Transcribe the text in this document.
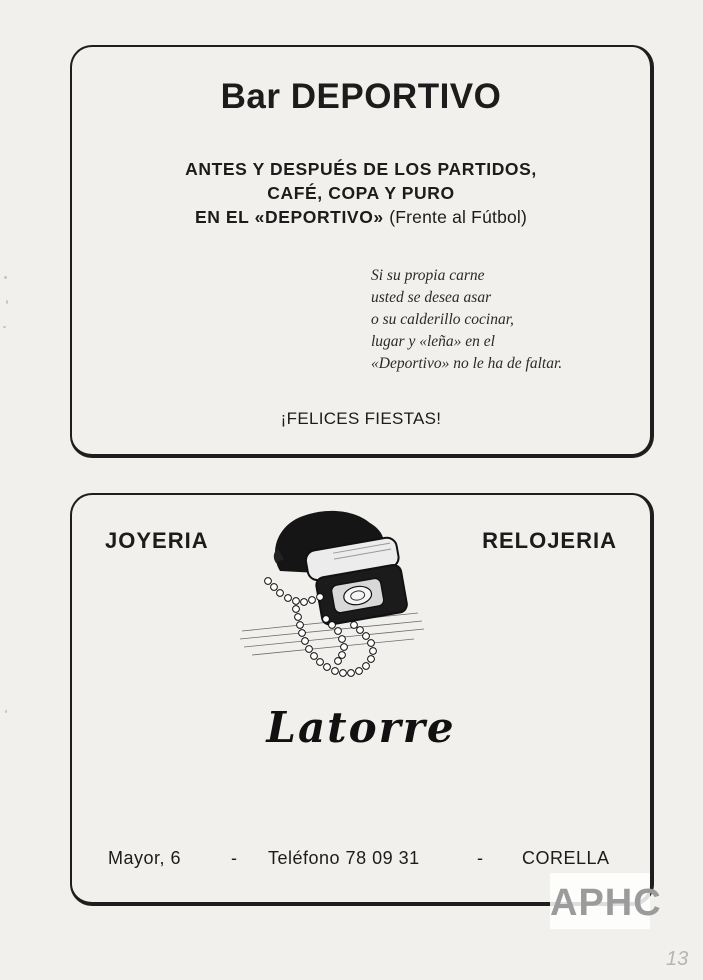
Bar DEPORTIVO
ANTES Y DESPUÉS DE LOS PARTIDOS,
CAFÉ, COPA Y PURO
EN EL «DEPORTIVO» (Frente al Fútbol)
Si su propia carne
usted se desea asar
o su calderillo cocinar,
lugar y «leña» en el
«Deportivo» no le ha de faltar.
¡FELICES FIESTAS!
JOYERIA	RELOJERIA
Latorre
Mayor, 6	- Teléfono 78 09 31	- CORELLA
APHC
13
